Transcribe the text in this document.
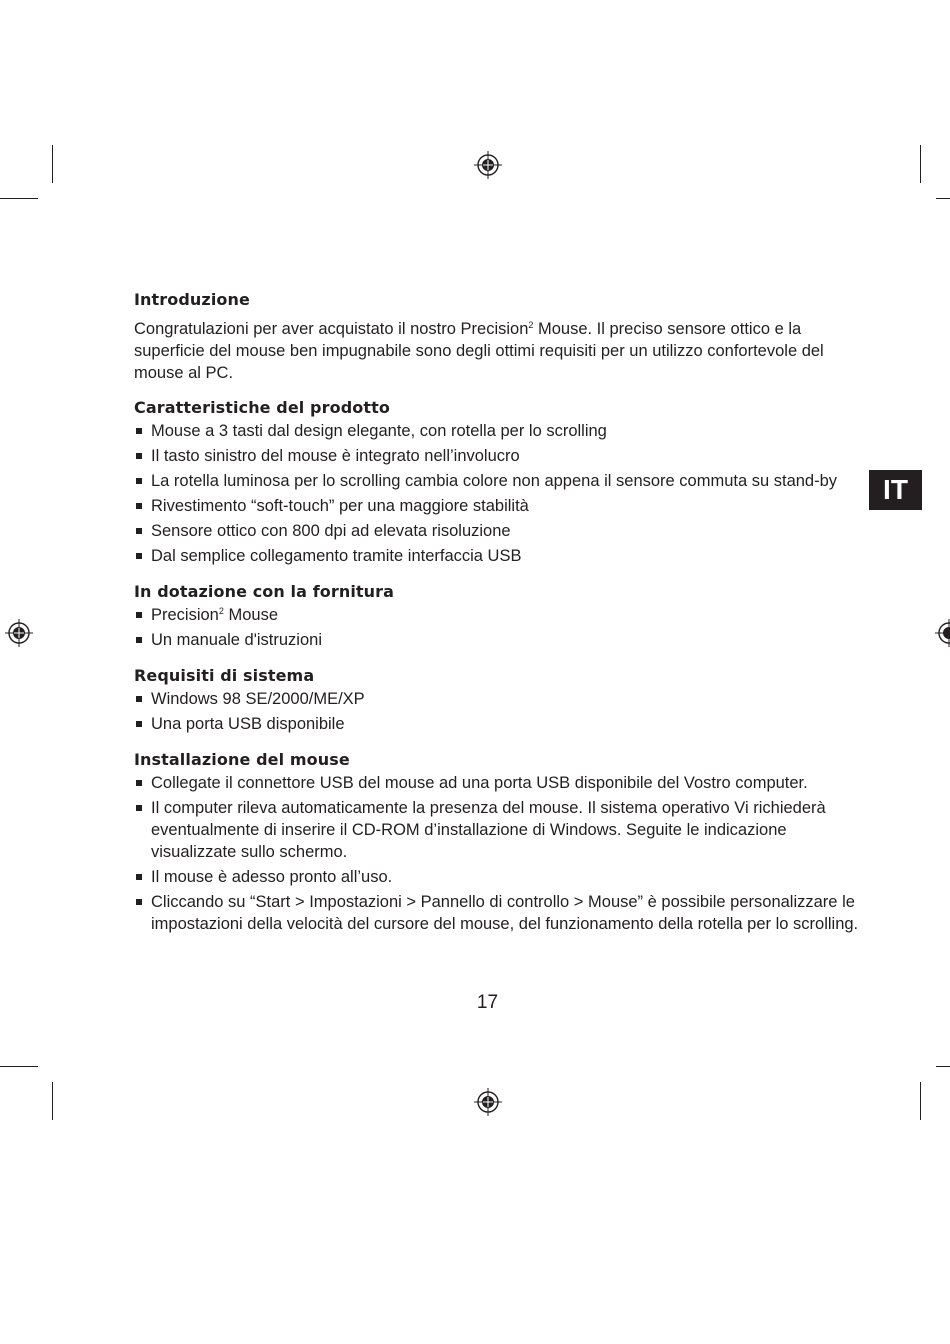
IT
Introduzione

Congratulazioni per aver acquistato il nostro Precision$^2$ Mouse. Il preciso sensore ottico e la superficie del mouse ben impugnabile sono degli ottimi requisiti per un utilizzo confortevole del mouse al PC.

Caratteristiche del prodotto
Mouse a 3 tasti dal design elegante, con rotella per lo scrolling
Il tasto sinistro del mouse è integrato nell’involucro
La rotella luminosa per lo scrolling cambia colore non appena il sensore commuta su stand-by
Rivestimento “soft-touch” per una maggiore stabilità
Sensore ottico con 800 dpi ad elevata risoluzione
Dal semplice collegamento tramite interfaccia USB
In dotazione con la fornitura
Precision$^2$ Mouse
Un manuale d'istruzioni
Requisiti di sistema
Windows 98 SE/2000/ME/XP
Una porta USB disponibile
Installazione del mouse
Collegate il connettore USB del mouse ad una porta USB disponibile del Vostro computer.
Il computer rileva automaticamente la presenza del mouse. Il sistema operativo Vi richiederà eventualmente di inserire il CD-ROM d’installazione di Windows. Seguite le indicazione visualizzate sullo schermo.
Il mouse è adesso pronto all’uso.
Cliccando su “Start > Impostazioni > Pannello di controllo > Mouse” è possibile personalizzare le impostazioni della velocità del cursore del mouse, del funzionamento della rotella per lo scrolling.
17
